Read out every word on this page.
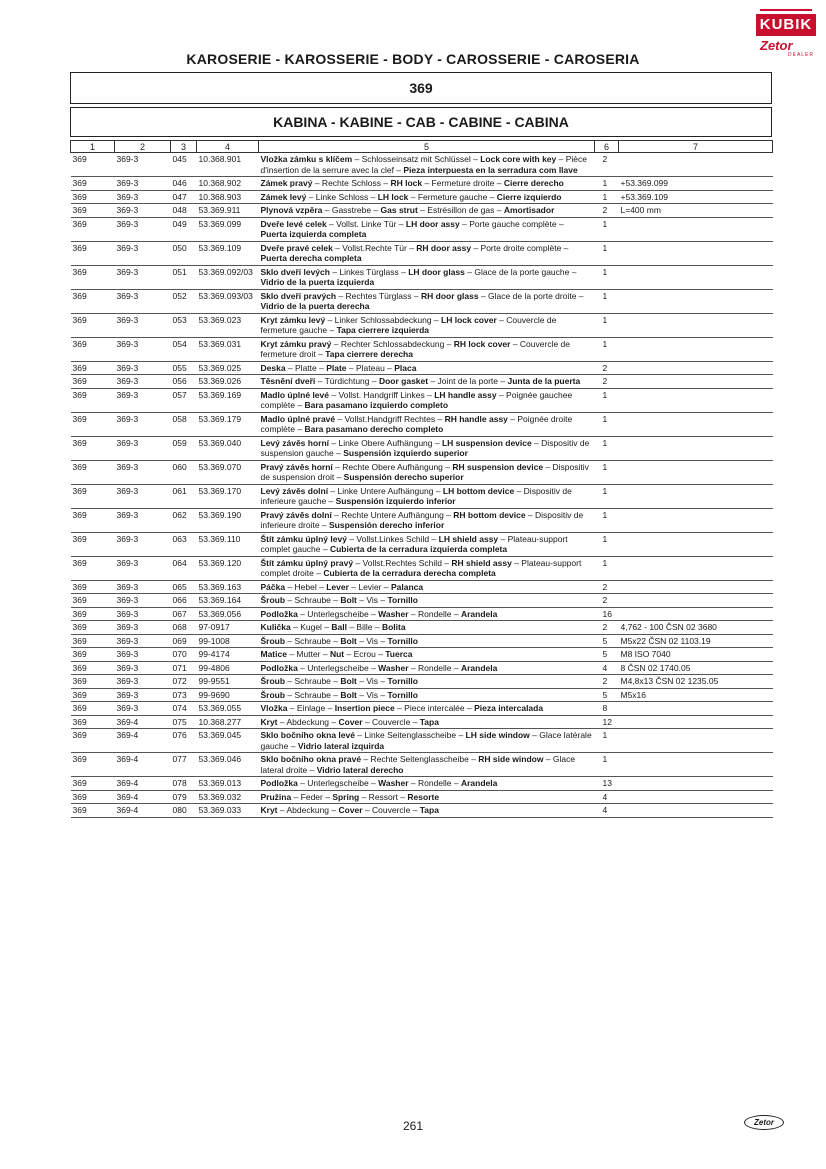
KUBIK
Zetor
DEALER
KAROSERIE - KAROSSERIE - BODY - CAROSSERIE - CAROSERIA
369
KABINA - KABINE - CAB - CABINE - CABINA
1	2	3	4	5	6	7
369	369-3	045	10.368.901	Vložka zámku s klíčem – Schlosseinsatz mit Schlüssel – Lock core with key – Pièce d'insertion de la serrure avec la clef – Pieza interpuesta en la serradura com llave	2	
369	369-3	046	10.368.902	Zámek pravý – Rechte Schloss – RH lock – Fermeture droite – Cierre derecho	1	+53.369.099
369	369-3	047	10.368.903	Zámek levý – Linke Schloss – LH lock – Fermeture gauche – Cierre izquierdo	1	+53.369.109
369	369-3	048	53.369.911	Plynová vzpěra – Gasstrebe – Gas strut – Estrésillon de gas – Amortisador	2	L=400 mm
369	369-3	049	53.369.099	Dveře levé celek – Vollst. Linke Tür – LH door assy – Porte gauche complète – Puerta izquierda completa	1	
369	369-3	050	53.369.109	Dveře pravé celek – Vollst.Rechte Tür – RH door assy – Porte droite complète – Puerta derecha completa	1	
369	369-3	051	53.369.092/03	Sklo dveří levých – Linkes Türglass – LH door glass – Glace de la porte gauche – Vidrio de la puerta izquierda	1	
369	369-3	052	53.369.093/03	Sklo dveří pravých – Rechtes Türglass – RH door glass – Glace de la porte droite – Vidrio de la puerta derecha	1	
369	369-3	053	53.369.023	Kryt zámku levý – Linker Schlossabdeckung – LH lock cover – Couvercle de fermeture gauche – Tapa cierrere izquierda	1	
369	369-3	054	53.369.031	Kryt zámku pravý – Rechter Schlossabdeckung – RH lock cover – Couvercle de fermeture droit – Tapa cierrere derecha	1	
369	369-3	055	53.369.025	Deska – Platte – Plate – Plateau – Placa	2	
369	369-3	056	53.369.026	Těsnění dveří – Türdichtung – Door gasket – Joint de la porte – Junta de la puerta	2	
369	369-3	057	53.369.169	Madlo úplné levé – Vollst. Handgriff Linkes – LH handle assy – Poignée gauchee complète – Bara pasamano izquierdo completo	1	
369	369-3	058	53.369.179	Madlo úplné pravé – Vollst.Handgriff Rechtes – RH handle assy – Poignée droite complète – Bara pasamano derecho completo	1	
369	369-3	059	53.369.040	Levý závěs horní – Linke Obere Aufhängung – LH suspension device – Dispositiv de suspension gauche – Suspensión izquierdo superior	1	
369	369-3	060	53.369.070	Pravý závěs horní – Rechte Obere Aufhängung – RH suspension device – Dispositiv de suspension droit – Suspensión derecho superior	1	
369	369-3	061	53.369.170	Levý závěs dolní – Linke Untere Aufhängung – LH bottom device – Dispositiv de inferieure gauche – Suspensión izquierdo inferior	1	
369	369-3	062	53.369.190	Pravý závěs dolní – Rechte Untere Aufhängung – RH bottom device – Dispositiv de inferieure droite – Suspensión derecho inferior	1	
369	369-3	063	53.369.110	Štít zámku úplný levý – Vollst.Linkes Schild – LH shield assy – Plateau-support complet gauche – Cubierta de la cerradura izquierda completa	1	
369	369-3	064	53.369.120	Štít zámku úplný pravý – Vollst.Rechtes Schild – RH shield assy – Plateau-support complet droite – Cubierta de la cerradura derecha completa	1	
369	369-3	065	53.369.163	Páčka – Hebel – Lever – Levier – Palanca	2	
369	369-3	066	53.369.164	Šroub – Schraube – Bolt – Vis – Tornillo	2	
369	369-3	067	53.369.056	Podložka – Unterlegscheibe – Washer – Rondelle – Arandela	16	
369	369-3	068	97-0917	Kulička – Kugel – Ball – Bille – Bolita	2	4,762 - 100 ČSN 02 3680
369	369-3	069	99-1008	Šroub – Schraube – Bolt – Vis – Tornillo	5	M5x22 ČSN 02 1103.19
369	369-3	070	99-4174	Matice – Mutter – Nut – Ecrou – Tuerca	5	M8 ISO 7040
369	369-3	071	99-4806	Podložka – Unterlegscheibe – Washer – Rondelle – Arandela	4	8 ČSN 02 1740.05
369	369-3	072	99-9551	Šroub – Schraube – Bolt – Vis – Tornillo	2	M4,8x13 ČSN 02 1235.05
369	369-3	073	99-9690	Šroub – Schraube – Bolt – Vis – Tornillo	5	M5x16
369	369-3	074	53.369.055	Vložka – Einlage – Insertion piece – Piece intercalée – Pieza intercalada	8	
369	369-4	075	10.368.277	Kryt – Abdeckung – Cover – Couvercle – Tapa	12	
369	369-4	076	53.369.045	Sklo bočního okna levé – Linke Seitenglasscheibe – LH side window – Glace latérale gauche – Vidrio lateral izquirda	1	
369	369-4	077	53.369.046	Sklo bočního okna pravé – Rechte Seitenglasscheibe – RH side window – Glace lateral droite – Vidrio lateral derecho	1	
369	369-4	078	53.369.013	Podložka – Unterlegscheibe – Washer – Rondelle – Arandela	13	
369	369-4	079	53.369.032	Pružina – Feder – Spring – Ressort – Resorte	4	
369	369-4	080	53.369.033	Kryt – Abdeckung – Cover – Couvercle – Tapa	4	
261	Zetor
